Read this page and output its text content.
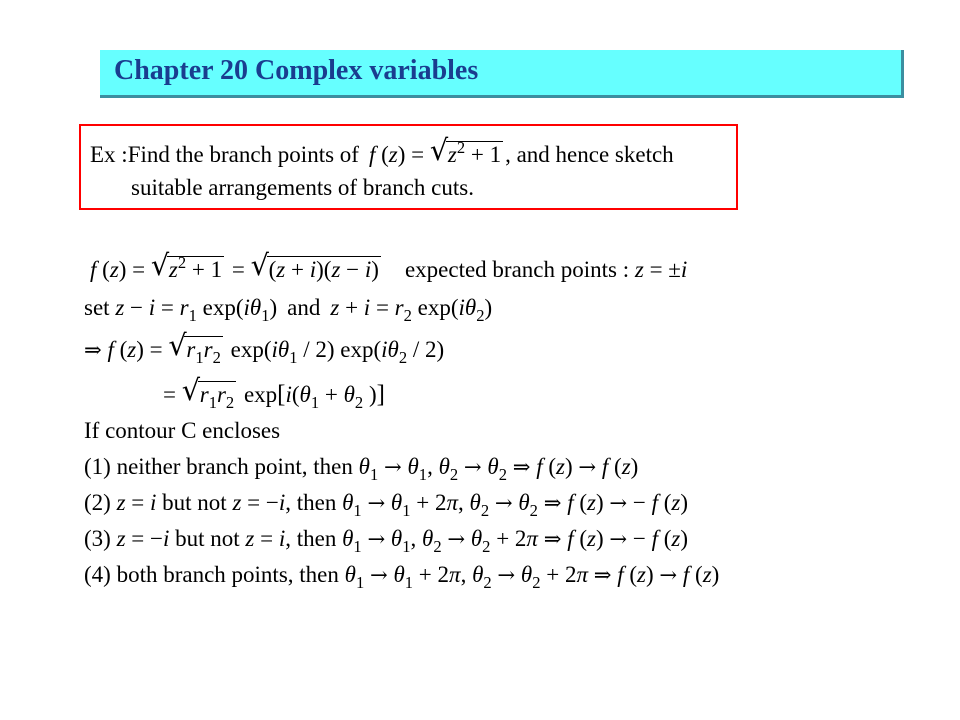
Chapter 20 Complex variables
Ex :Find the branch points of f (z) = √ $z^2 + 1$ , and hence sketch
suitable arrangements of branch cuts.
f (z) = √ $z^2 + 1$ = √ (z + i)(z − i) expected branch points : z = ±i
set $z - i = r_1$ $\exp(i\theta_1)$ and $z + i = r_2$ $\exp(i\theta_2)$
⇒ f (z) = √ $r_1r_2$ $\exp(i\theta_1 / 2)$ $\exp(i\theta_2 / 2)$
= √ $r_1r_2$ $\exp[i(\theta_1 + \theta_2$ )]
If contour C encloses
(1) neither branch point, then $\theta_1 \to \theta_1$, $\theta_2 \to \theta_2$ ⇒ f (z) → f (z)
(2) z = i but not z = −i, then $\theta_1 \to \theta_1 + 2\pi$, $\theta_2 \to \theta_2$ ⇒ f (z) → − f (z)
(3) z = −i but not z = i, then $\theta_1 \to \theta_1$, $\theta_2 \to \theta_2 + 2\pi$ ⇒ f (z) → − f (z)
(4) both branch points, then $\theta_1 \to \theta_1 + 2\pi$, $\theta_2 \to \theta_2 + 2\pi$ ⇒ f (z) → f (z)
